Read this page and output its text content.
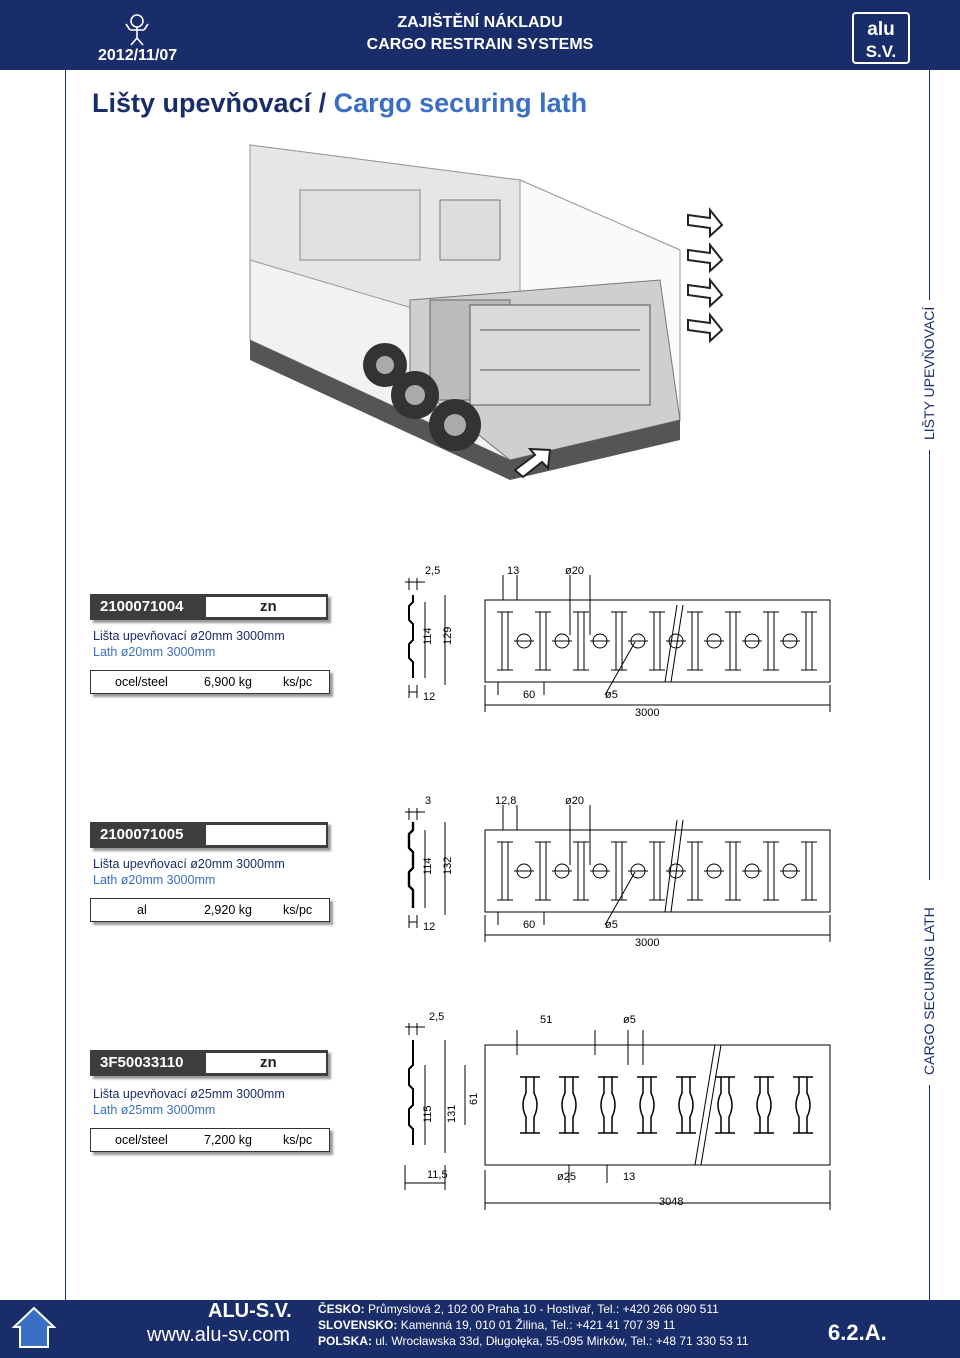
2012/11/07
ZAJIŠTĚNÍ NÁKLADU
CARGO RESTRAIN SYSTEMS
alu
S.V.
Lišty upevňovací / Cargo securing lath
LIŠTY UPEVŇOVACÍ
CARGO SECURING LATH
2100071004	zn
Lišta upevňovací ø20mm 3000mm
Lath ø20mm 3000mm
ocel/steel	6,900 kg ks/pc
2100071005
Lišta upevňovací ø20mm 3000mm
Lath ø20mm 3000mm
al	2,920 kg ks/pc
3F50033110	zn
Lišta upevňovací ø25mm 3000mm
Lath ø25mm 3000mm
ocel/steel	7,200 kg ks/pc
2,5	13	ø20
114 129
12	60	ø5
3000
3	12,8	ø20
114 132
12	60	ø5
3000
2,5	51	ø5
115 131
61
11,5	ø25	13
3048
ALU-S.V.
www.alu-sv.com
ČESKO: Průmyslová 2, 102 00 Praha 10 - Hostivař, Tel.: +420 266 090 511
SLOVENSKO: Kamenná 19, 010 01 Žilina, Tel.: +421 41 707 39 11
POLSKA: ul. Wrocławska 33d, Długołęka, 55-095 Mirków, Tel.: +48 71 330 53 11	6.2.A.
